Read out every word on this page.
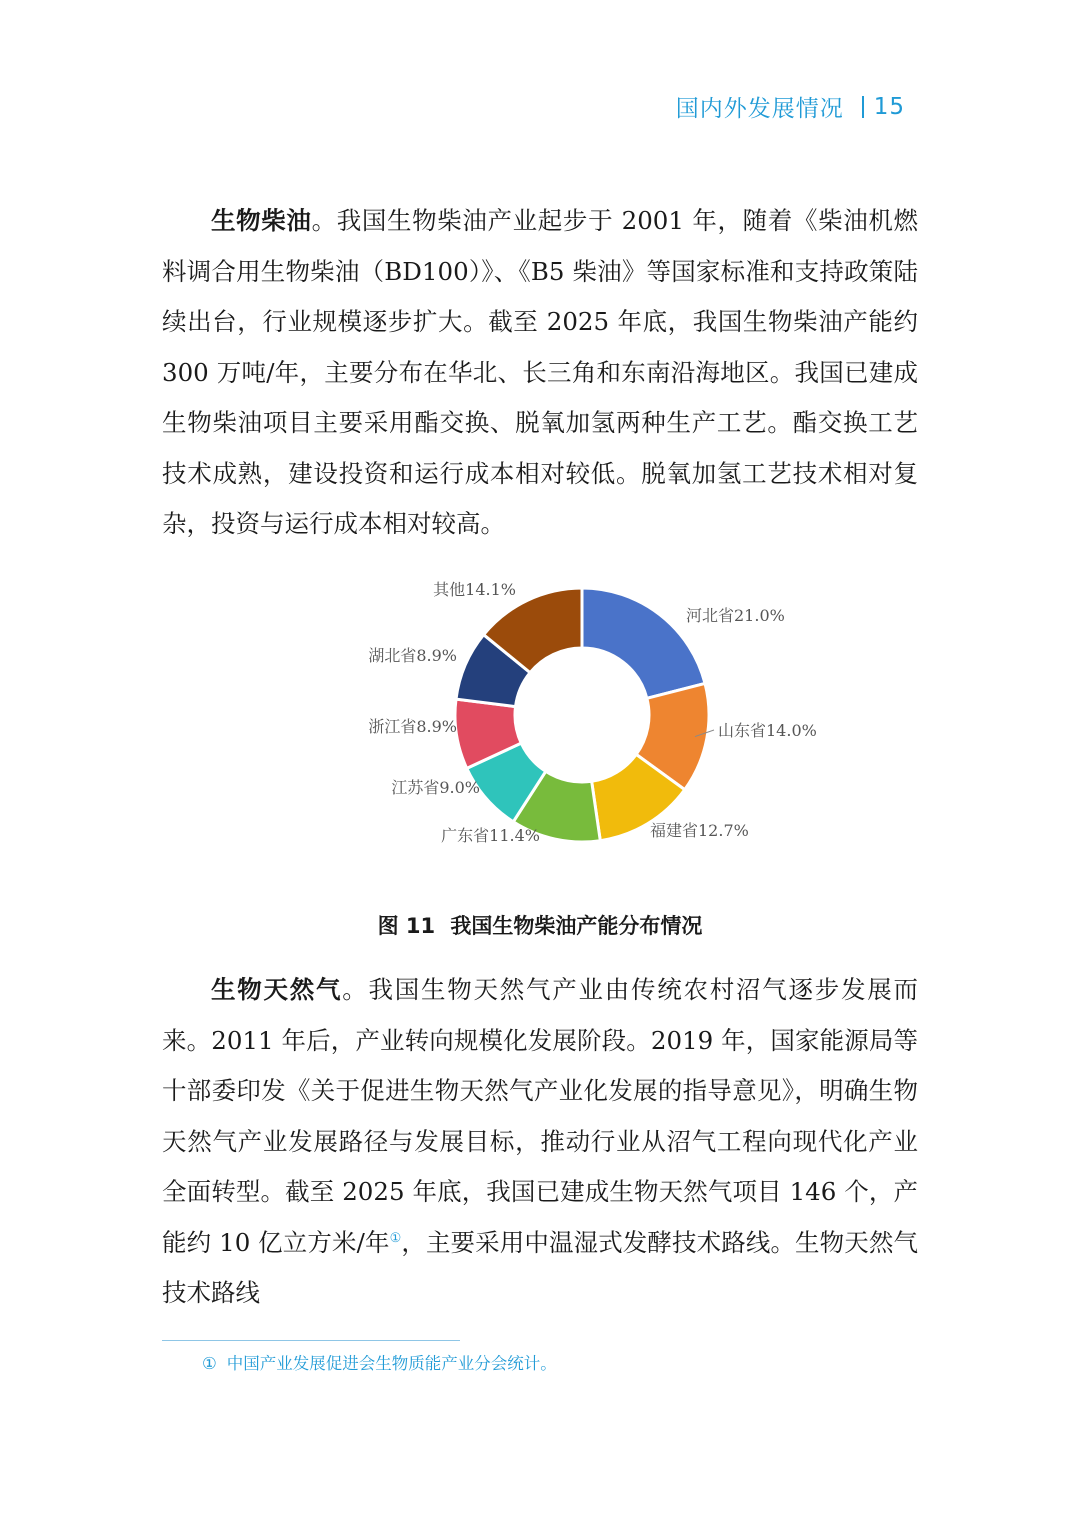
国内外发展情况 15

生物柴油。我国生物柴油产业起步于 2001 年，随着《柴油机燃料调合用生物柴油（BD100）》、《B5 柴油》等国家标准和支持政策陆续出台，行业规模逐步扩大。截至 2025 年底，我国生物柴油产能约 300 万吨/年，主要分布在华北、长三角和东南沿海地区。我国已建成生物柴油项目主要采用酯交换、脱氧加氢两种生产工艺。酯交换工艺技术成熟，建设投资和运行成本相对较低。脱氧加氢工艺技术相对复杂，投资与运行成本相对较高。

河北省21.0%
山东省14.0%
福建省12.7%
广东省11.4%
江苏省9.0%
浙江省8.9%
湖北省8.9%
其他14.1%
图 11 我国生物柴油产能分布情况

生物天然气。我国生物天然气产业由传统农村沼气逐步发展而来。2011 年后，产业转向规模化发展阶段。2019 年，国家能源局等十部委印发《关于促进生物天然气产业化发展的指导意见》，明确生物天然气产业发展路径与发展目标，推动行业从沼气工程向现代化产业全面转型。截至 2025 年底，我国已建成生物天然气项目 146 个，产能约 10 亿立方米/年①，主要采用中温湿式发酵技术路线。生物天然气技术路线

① 中国产业发展促进会生物质能产业分会统计。
